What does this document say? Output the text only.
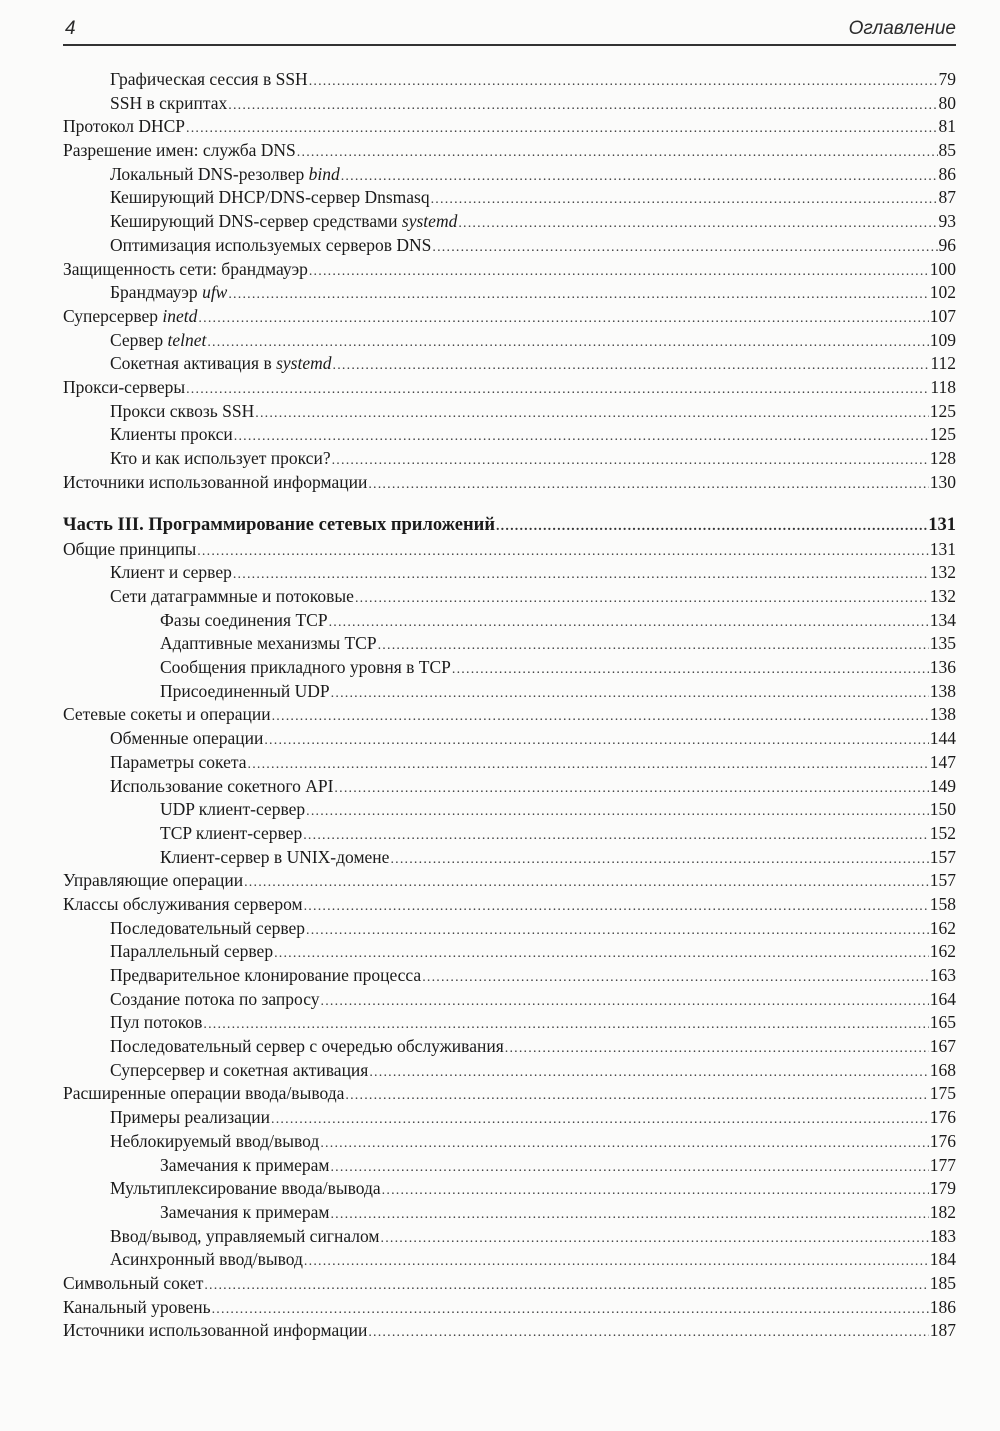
4	Оглавление
Графическая сессия в SSH .....	79
SSH в скриптах .....	80
Протокол DHCP .....	81
Разрешение имен: служба DNS .....	85
Локальный DNS-резолвер bind .....	86
Кеширующий DHCP/DNS-сервер Dnsmasq .....	87
Кеширующий DNS-сервер средствами systemd .....	93
Оптимизация используемых серверов DNS .....	96
Защищенность сети: брандмауэр .....	100
Брандмауэр ufw .....	102
Суперсервер inetd .....	107
Сервер telnet .....	109
Сокетная активация в systemd .....	112
Прокси-серверы .....	118
Прокси сквозь SSH .....	125
Клиенты прокси .....	125
Кто и как использует прокси? .....	128
Источники использованной информации .....	130
Часть III. Программирование сетевых приложений .....	131
Общие принципы .....	131
Клиент и сервер .....	132
Сети датаграммные и потоковые .....	132
Фазы соединения TCP .....	134
Адаптивные механизмы TCP .....	135
Сообщения прикладного уровня в TCP .....	136
Присоединенный UDP .....	138
Сетевые сокеты и операции .....	138
Обменные операции .....	144
Параметры сокета .....	147
Использование сокетного API .....	149
UDP клиент-сервер .....	150
TCP клиент-сервер .....	152
Клиент-сервер в UNIX-домене .....	157
Управляющие операции .....	157
Классы обслуживания сервером .....	158
Последовательный сервер .....	162
Параллельный сервер .....	162
Предварительное клонирование процесса .....	163
Создание потока по запросу .....	164
Пул потоков .....	165
Последовательный сервер с очередью обслуживания .....	167
Суперсервер и сокетная активация .....	168
Расширенные операции ввода/вывода .....	175
Примеры реализации .....	176
Неблокируемый ввод/вывод .....	176
Замечания к примерам .....	177
Мультиплексирование ввода/вывода .....	179
Замечания к примерам .....	182
Ввод/вывод, управляемый сигналом .....	183
Асинхронный ввод/вывод .....	184
Символьный сокет .....	185
Канальный уровень .....	186
Источники использованной информации .....	187
